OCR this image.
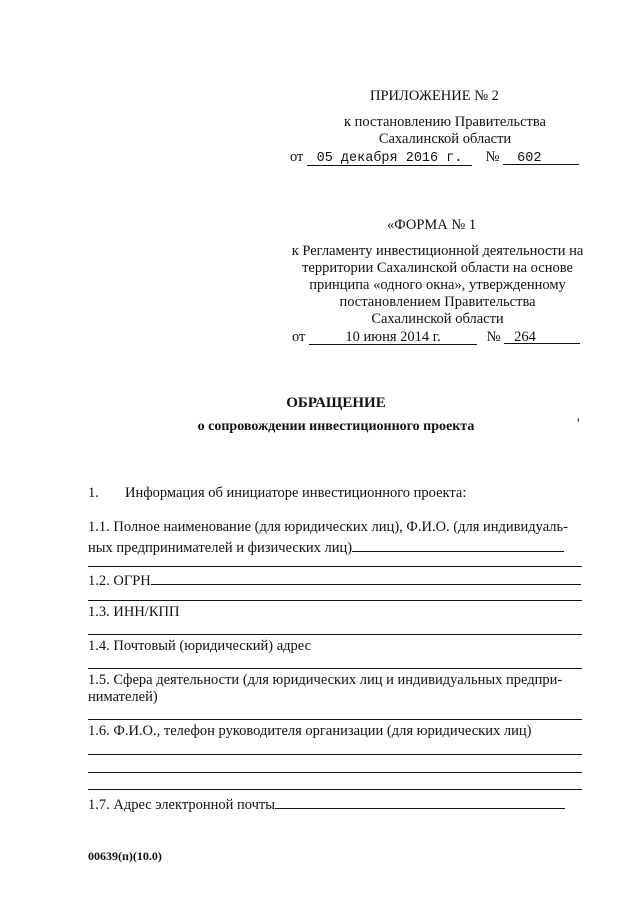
ПРИЛОЖЕНИЕ № 2
к постановлению Правительства
Сахалинской области
от 05 декабря 2016 г. № 602
«ФОРМА № 1
к Регламенту инвестиционной деятельности на
территории Сахалинской области на основе
принципа «одного окна», утвержденному
постановлением Правительства
Сахалинской области
от	10 июня 2014 г.	№ 264
ОБРАЩЕНИЕ
о сопровождении инвестиционного проекта	'
1. Информация об инициаторе инвестиционного проекта:
1.1. Полное наименование (для юридических лиц), Ф.И.О. (для индивидуаль-
ных предпринимателей и физических лиц)
1.2. ОГРН
1.3. ИНН/КПП
1.4. Почтовый (юридический) адрес
1.5. Сфера деятельности (для юридических лиц и индивидуальных предпри-
нимателей)
1.6. Ф.И.О., телефон руководителя организации (для юридических лиц)
1.7. Адрес электронной почты
00639(п)(10.0)
